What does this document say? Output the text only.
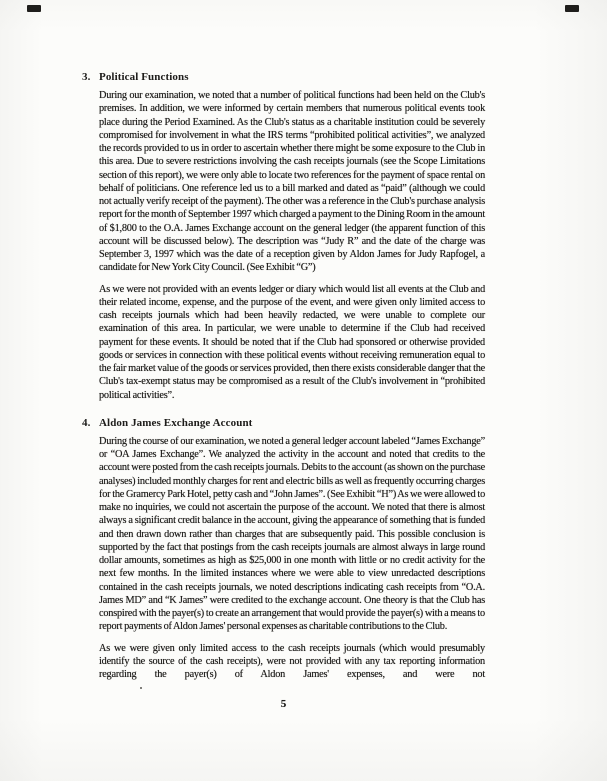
3. Political Functions

During our examination, we noted that a number of political functions had been held on the Club's premises. In addition, we were informed by certain members that numerous political events took place during the Period Examined. As the Club's status as a charitable institution could be severely compromised for involvement in what the IRS terms “prohibited political activities”, we analyzed the records provided to us in order to ascertain whether there might be some exposure to the Club in this area. Due to severe restrictions involving the cash receipts journals (see the Scope Limitations section of this report), we were only able to locate two references for the payment of space rental on behalf of politicians. One reference led us to a bill marked and dated as “paid” (although we could not actually verify receipt of the payment). The other was a reference in the Club's purchase analysis report for the month of September 1997 which charged a payment to the Dining Room in the amount of $1,800 to the O.A. James Exchange account on the general ledger (the apparent function of this account will be discussed below). The description was “Judy R” and the date of the charge was September 3, 1997 which was the date of a reception given by Aldon James for Judy Rapfogel, a candidate for New York City Council. (See Exhibit “G”)

As we were not provided with an events ledger or diary which would list all events at the Club and their related income, expense, and the purpose of the event, and were given only limited access to cash receipts journals which had been heavily redacted, we were unable to complete our examination of this area. In particular, we were unable to determine if the Club had received payment for these events. It should be noted that if the Club had sponsored or otherwise provided goods or services in connection with these political events without receiving remuneration equal to the fair market value of the goods or services provided, then there exists considerable danger that the Club's tax-exempt status may be compromised as a result of the Club's involvement in “prohibited political activities”.

4. Aldon James Exchange Account

During the course of our examination, we noted a general ledger account labeled “James Exchange” or “OA James Exchange”. We analyzed the activity in the account and noted that credits to the account were posted from the cash receipts journals. Debits to the account (as shown on the purchase analyses) included monthly charges for rent and electric bills as well as frequently occurring charges for the Gramercy Park Hotel, petty cash and “John James”. (See Exhibit “H”) As we were allowed to make no inquiries, we could not ascertain the purpose of the account. We noted that there is almost always a significant credit balance in the account, giving the appearance of something that is funded and then drawn down rather than charges that are subsequently paid. This possible conclusion is supported by the fact that postings from the cash receipts journals are almost always in large round dollar amounts, sometimes as high as $25,000 in one month with little or no credit activity for the next few months. In the limited instances where we were able to view unredacted descriptions contained in the cash receipts journals, we noted descriptions indicating cash receipts from “O.A. James MD” and “K James” were credited to the exchange account. One theory is that the Club has conspired with the payer(s) to create an arrangement that would provide the payer(s) with a means to report payments of Aldon James' personal expenses as charitable contributions to the Club.

As we were given only limited access to the cash receipts journals (which would presumably identify the source of the cash receipts), were not provided with any tax reporting information regarding the payer(s) of Aldon James' expenses, and were not

5
